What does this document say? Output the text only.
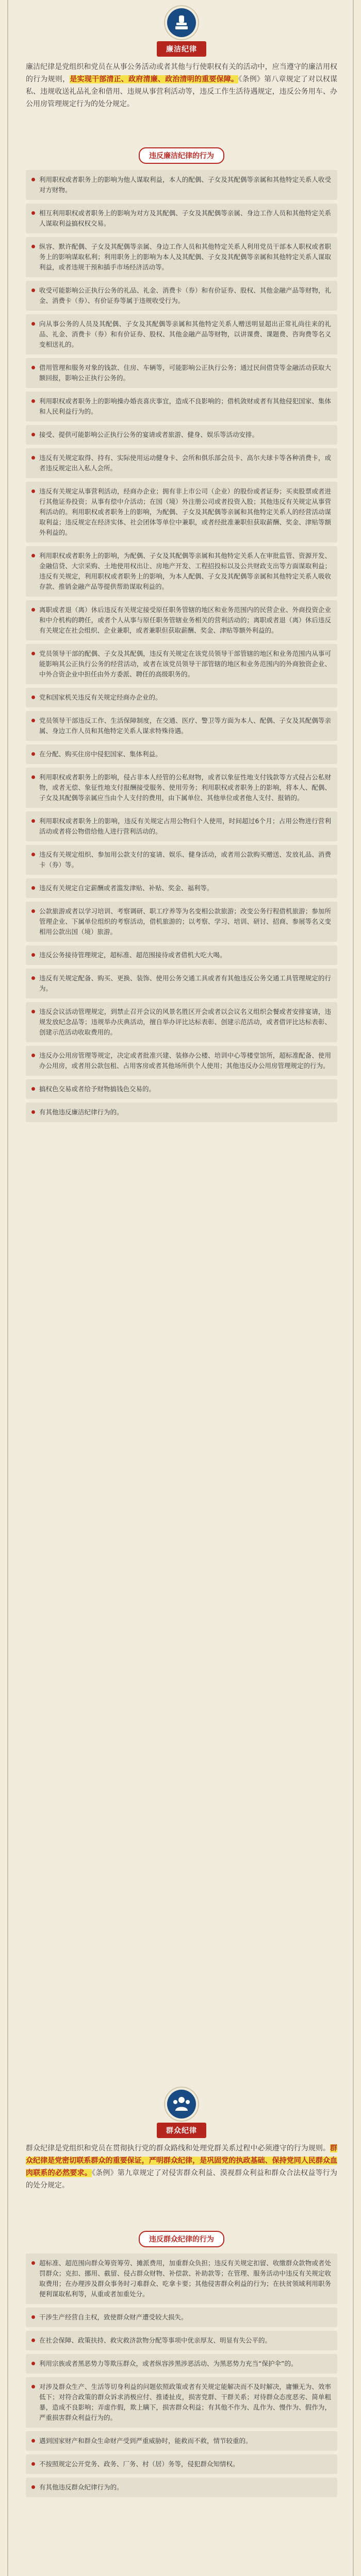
廉洁纪律
廉洁纪律是党组织和党员在从事公务活动或者其他与行使职权有关的活动中，应当遵守的廉洁用权的行为规则，是实现干部清正、政府清廉、政治清明的重要保障。《条例》第八章规定了对以权谋私、违规收送礼品礼金和借用、违规从事营利活动等，违反工作生活待遇规定，违反公务用车、办公用房管理规定行为的处分规定。
违反廉洁纪律的行为
利用职权或者职务上的影响为他人谋取利益，本人的配偶、子女及其配偶等亲属和其他特定关系人收受对方财物。
相互利用职权或者职务上的影响为对方及其配偶、子女及其配偶等亲属、身边工作人员和其他特定关系人谋取利益搞权权交易。
纵容、默许配偶、子女及其配偶等亲属、身边工作人员和其他特定关系人利用党员干部本人职权或者职务上的影响谋取私利；利用职务上的影响为本人及其配偶、子女及其配偶等亲属和其他特定关系人谋取利益，或者违规干预和插手市场经济活动等。
收受可能影响公正执行公务的礼品、礼金、消费卡（券）和有价证券、股权、其他金融产品等财物，礼金、消费卡（券）、有价证券等属于违规收受行为。
向从事公务的人员及其配偶、子女及其配偶等亲属和其他特定关系人赠送明显超出正常礼尚往来的礼品、礼金、消费卡（券）和有价证券、股权、其他金融产品等财物，以讲课费、课题费、咨询费等名义变相送礼的。
借用管理和服务对象的钱款、住房、车辆等，可能影响公正执行公务；通过民间借贷等金融活动获取大额回报，影响公正执行公务的。
利用职权或者职务上的影响操办婚丧喜庆事宜，造成不良影响的；借机敛财或者有其他侵犯国家、集体和人民利益行为的。
接受、提供可能影响公正执行公务的宴请或者旅游、健身、娱乐等活动安排。
违反有关规定取得、持有、实际使用运动健身卡、会所和俱乐部会员卡、高尔夫球卡等各种消费卡，或者违反规定出入私人会所。
违反有关规定从事营利活动，经商办企业；拥有非上市公司（企业）的股份或者证券；买卖股票或者进行其他证券投资；从事有偿中介活动；在国（境）外注册公司或者投资入股；其他违反有关规定从事营利活动的。利用职权或者职务上的影响，为配偶、子女及其配偶等亲属和其他特定关系人的经营活动谋取利益；违反规定在经济实体、社会团体等单位中兼职，或者经批准兼职但获取薪酬、奖金、津贴等额外利益的。
利用职权或者职务上的影响，为配偶、子女及其配偶等亲属和其他特定关系人在审批监管、资源开发、金融信贷、大宗采购、土地使用权出让、房地产开发、工程招投标以及公共财政支出等方面谋取利益；违反有关规定，利用职权或者职务上的影响，为本人配偶、子女及其配偶等亲属和其他特定关系人吸收存款、推销金融产品等提供帮助谋取利益的。
离职或者退（离）休后违反有关规定接受原任职务管辖的地区和业务范围内的民营企业、外商投资企业和中介机构的聘任，或者个人从事与原任职务管辖业务相关的营利活动的；离职或者退（离）休后违反有关规定在社会组织、企业兼职，或者兼职但获取薪酬、奖金、津贴等额外利益的。
党员领导干部的配偶、子女及其配偶，违反有关规定在该党员领导干部管辖的地区和业务范围内从事可能影响其公正执行公务的经营活动，或者在该党员领导干部管辖的地区和业务范围内的外商独资企业、中外合资企业中担任由外方委派、聘任的高级职务的。
党和国家机关违反有关规定经商办企业的。
党员领导干部违反工作、生活保障制度，在交通、医疗、警卫等方面为本人、配偶、子女及其配偶等亲属、身边工作人员和其他特定关系人谋求特殊待遇。
在分配、购买住房中侵犯国家、集体利益。
利用职权或者职务上的影响，侵占非本人经管的公私财物，或者以象征性地支付钱款等方式侵占公私财物，或者无偿、象征性地支付报酬接受服务、使用劳务；利用职权或者职务上的影响，将本人、配偶、子女及其配偶等亲属应当由个人支付的费用，由下属单位、其他单位或者他人支付、报销的。
利用职权或者职务上的影响，违反有关规定占用公物归个人使用，时间超过6个月；占用公物进行营利活动或者将公物借给他人进行营利活动的。
违反有关规定组织、参加用公款支付的宴请、娱乐、健身活动，或者用公款购买赠送、发放礼品、消费卡（券）等。
违反有关规定自定薪酬或者滥发津贴、补贴、奖金、福利等。
公款旅游或者以学习培训、考察调研、职工疗养等为名变相公款旅游；改变公务行程借机旅游；参加所管理企业、下属单位组织的考察活动，借机旅游的；以考察、学习、培训、研讨、招商、参展等名义变相用公款出国（境）旅游。
违反公务接待管理规定，超标准、超范围接待或者借机大吃大喝。
违反有关规定配备、购买、更换、装饰、使用公务交通工具或者有其他违反公务交通工具管理规定的行为。
违反会议活动管理规定，到禁止召开会议的风景名胜区开会或者以会议名义组织会餐或者安排宴请，违规发放纪念品等；违规举办庆典活动，擅自举办评比达标表彰、创建示范活动，或者借评比达标表彰、创建示范活动收取费用的。
违反办公用房管理等规定，决定或者批准兴建、装修办公楼、培训中心等楼堂馆所，超标准配备、使用办公用房，或者用公款包租、占用客房或者其他场所供个人使用；其他违反办公用房管理规定的行为。
搞权色交易或者给予财物搞钱色交易的。
有其他违反廉洁纪律行为的。
群众纪律
群众纪律是党组织和党员在贯彻执行党的群众路线和处理党群关系过程中必须遵守的行为规则。群众纪律是党密切联系群众的重要保证，严明群众纪律，是巩固党的执政基础、保持党同人民群众血肉联系的必然要求。《条例》第九章规定了对侵害群众利益、漠视群众利益和群众合法权益等行为的处分规定。
违反群众纪律的行为
超标准、超范围向群众筹资筹劳、摊派费用，加重群众负担；违反有关规定扣留、收缴群众款物或者处罚群众；克扣、挪用、截留、侵占群众财物、补偿款、补助款等；在管理、服务活动中违反有关规定收取费用；在办理涉及群众事务时刁难群众、吃拿卡要；其他侵害群众利益的行为；在扶贫领域利用职务便利谋取私利等，从重或者加重处分。
干涉生产经营自主权，致使群众财产遭受较大损失。
在社会保障、政策扶持、救灾救济款物分配等事项中优亲厚友、明显有失公平的。
利用宗族或者黑恶势力等欺压群众，或者纵容涉黑涉恶活动、为黑恶势力充当“保护伞”的。
对涉及群众生产、生活等切身利益的问题依照政策或者有关规定能解决而不及时解决，庸懒无为、效率低下；对符合政策的群众诉求消极应付、推诿扯皮，损害党群、干群关系；对待群众态度恶劣、简单粗暴，造成不良影响；弄虚作假，欺上瞒下，损害群众利益；有其他不作为、乱作为、慢作为、假作为，严重损害群众利益行为的。
遇到国家财产和群众生命财产受到严重威胁时，能救而不救，情节较重的。
不按照规定公开党务、政务、厂务、村（居）务等，侵犯群众知情权。
有其他违反群众纪律行为的。
